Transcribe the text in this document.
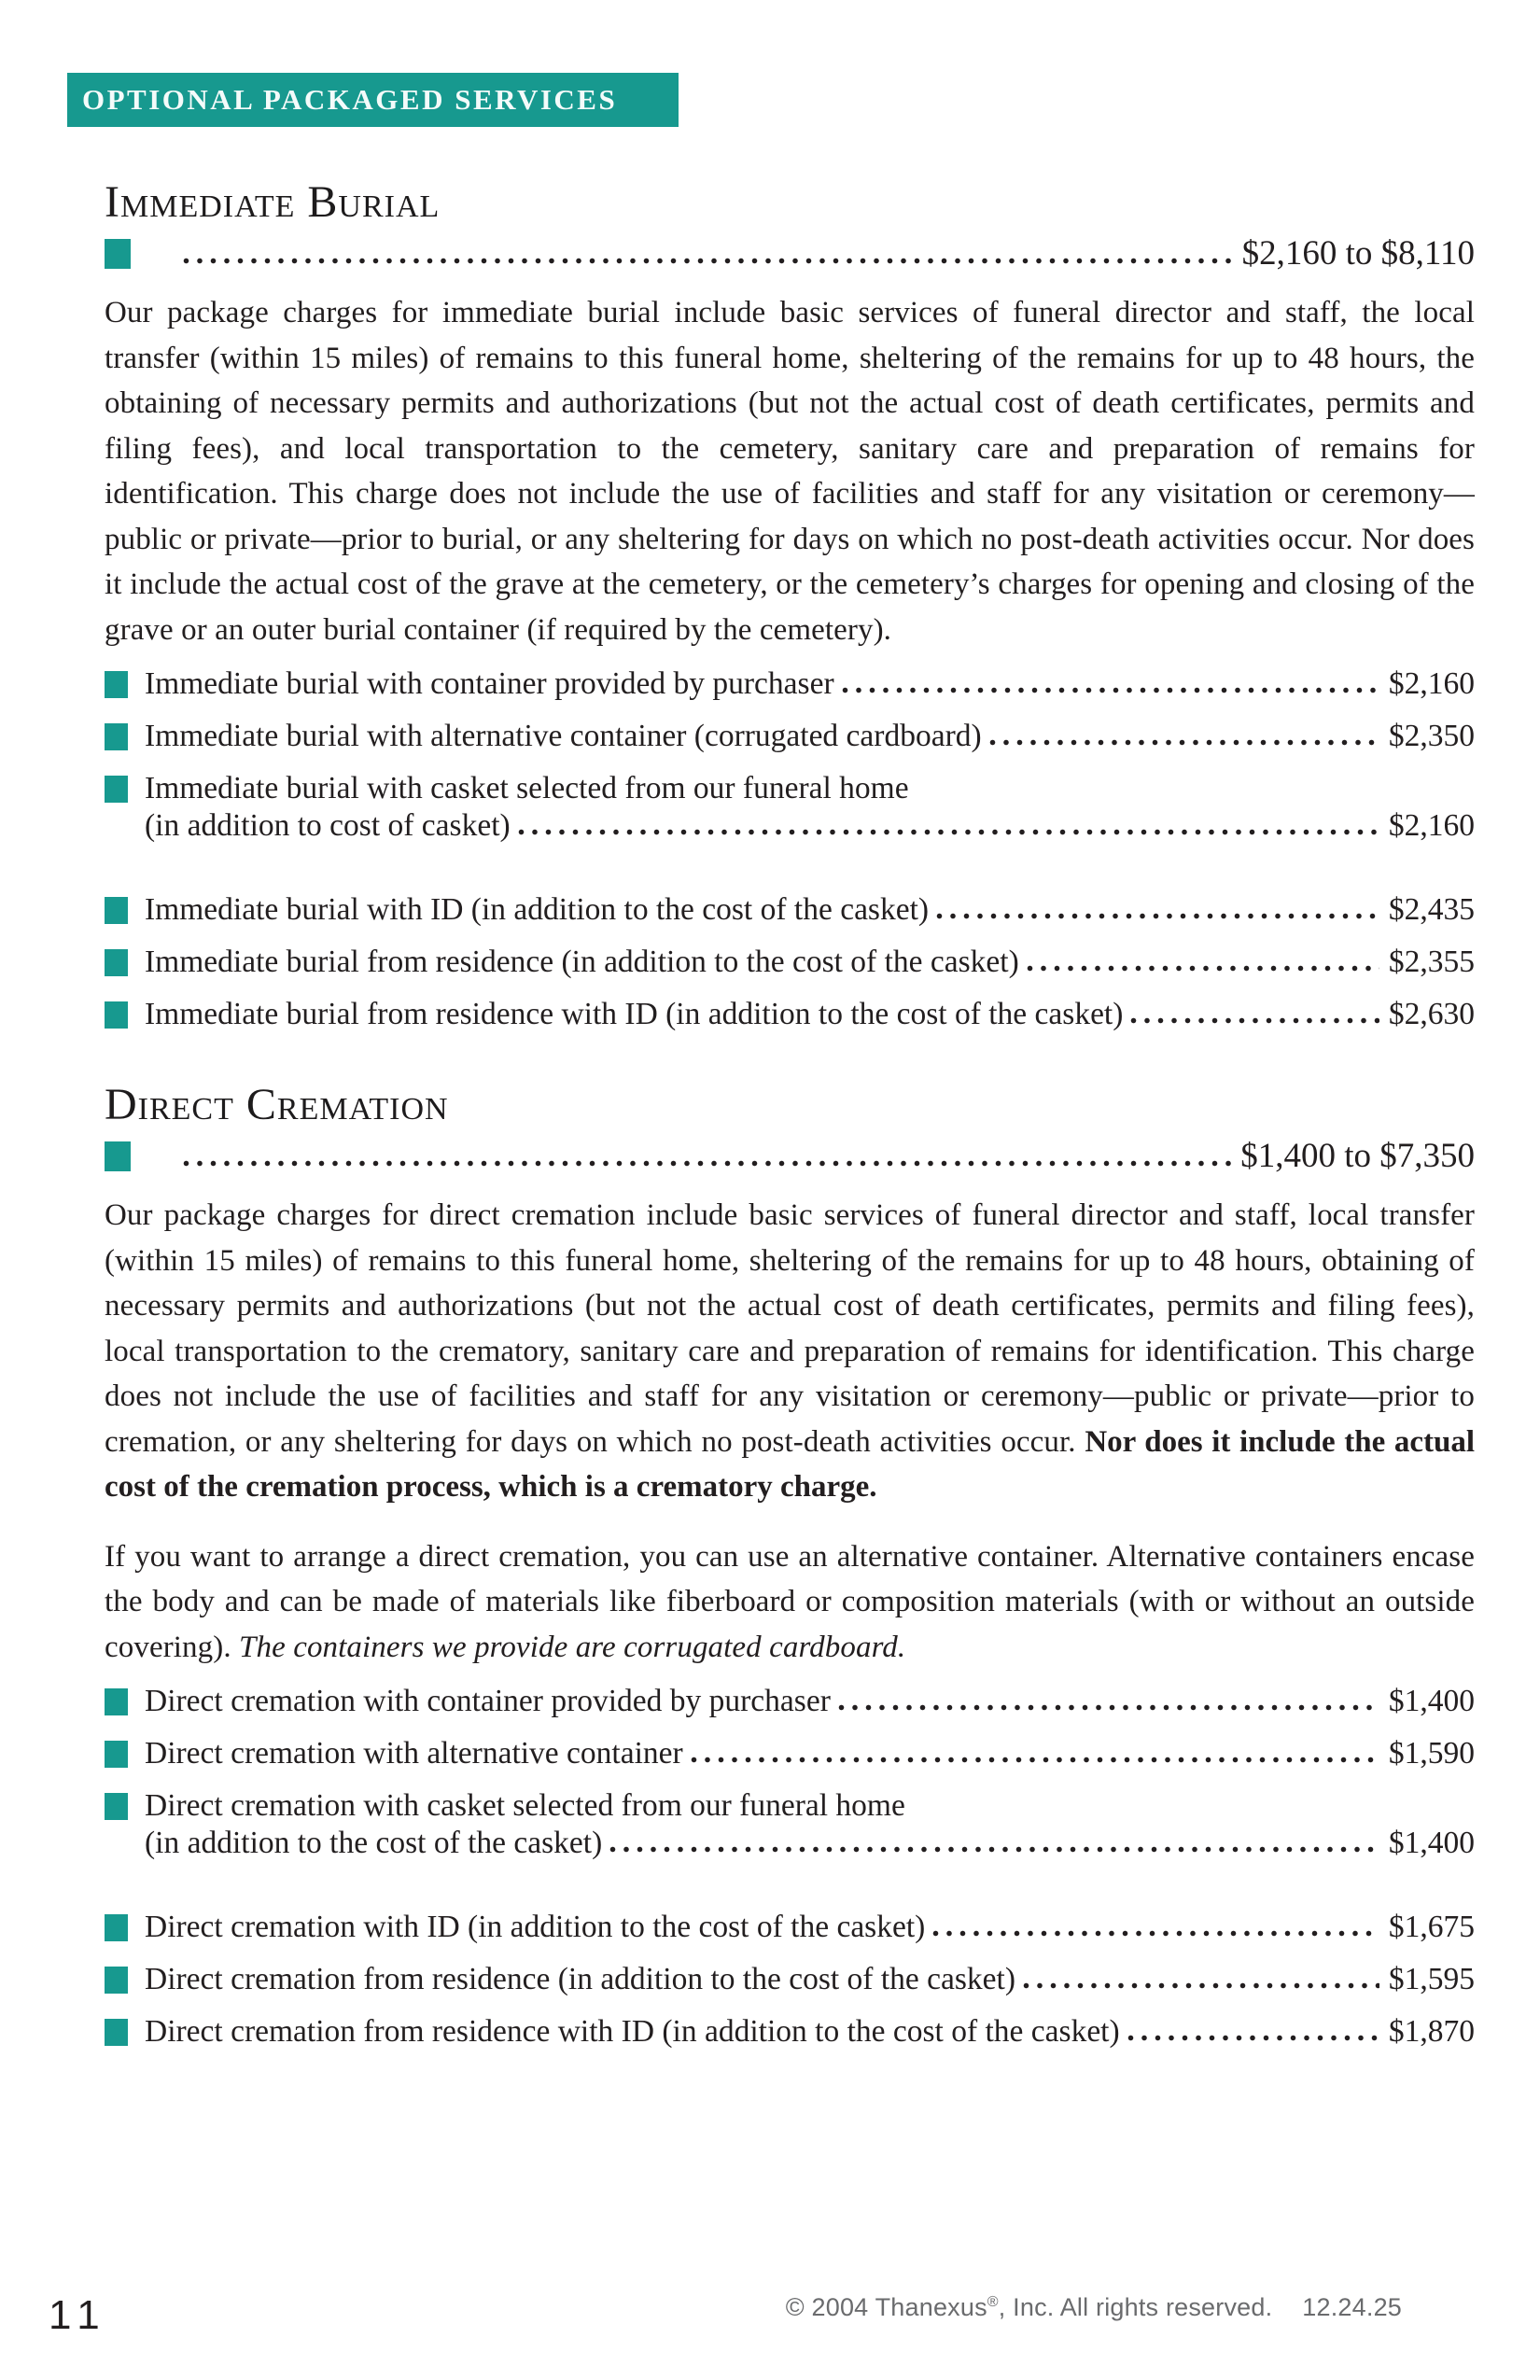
OPTIONAL PACKAGED SERVICES
Immediate Burial
$2,160 to $8,110

Our package charges for immediate burial include basic services of funeral director and staff, the local transfer (within 15 miles) of remains to this funeral home, sheltering of the remains for up to 48 hours, the obtaining of necessary permits and authorizations (but not the actual cost of death certificates, permits and filing fees), and local transportation to the cemetery, sanitary care and preparation of remains for identification. This charge does not include the use of facilities and staff for any visitation or ceremony—public or private—prior to burial, or any sheltering for days on which no post-death activities occur. Nor does it include the actual cost of the grave at the cemetery, or the cemetery’s charges for opening and closing of the grave or an outer burial container (if required by the cemetery).

Immediate burial with container provided by purchaser	$2,160
Immediate burial with alternative container (corrugated cardboard)	$2,350
Immediate burial with casket selected from our funeral home
(in addition to cost of casket)	$2,160
Immediate burial with ID (in addition to the cost of the casket)	$2,435
Immediate burial from residence (in addition to the cost of the casket)	$2,355
Immediate burial from residence with ID (in addition to the cost of the casket)	$2,630
Direct Cremation
$1,400 to $7,350

Our package charges for direct cremation include basic services of funeral director and staff, local transfer (within 15 miles) of remains to this funeral home, sheltering of the remains for up to 48 hours, obtaining of necessary permits and authorizations (but not the actual cost of death certificates, permits and filing fees), local transportation to the crematory, sanitary care and preparation of remains for identification. This charge does not include the use of facilities and staff for any visitation or ceremony—public or private—prior to cremation, or any sheltering for days on which no post-death activities occur. Nor does it include the actual cost of the cremation process, which is a crematory charge.

If you want to arrange a direct cremation, you can use an alternative container. Alternative containers encase the body and can be made of materials like fiberboard or composition materials (with or without an outside covering). The containers we provide are corrugated cardboard.

Direct cremation with container provided by purchaser	$1,400
Direct cremation with alternative container	$1,590
Direct cremation with casket selected from our funeral home
(in addition to the cost of the casket)	$1,400
Direct cremation with ID (in addition to the cost of the casket)	$1,675
Direct cremation from residence (in addition to the cost of the casket)	$1,595
Direct cremation from residence with ID (in addition to the cost of the casket)	$1,870
© 2004 Thanexus®, Inc. All rights reserved. 12.24.25
11
